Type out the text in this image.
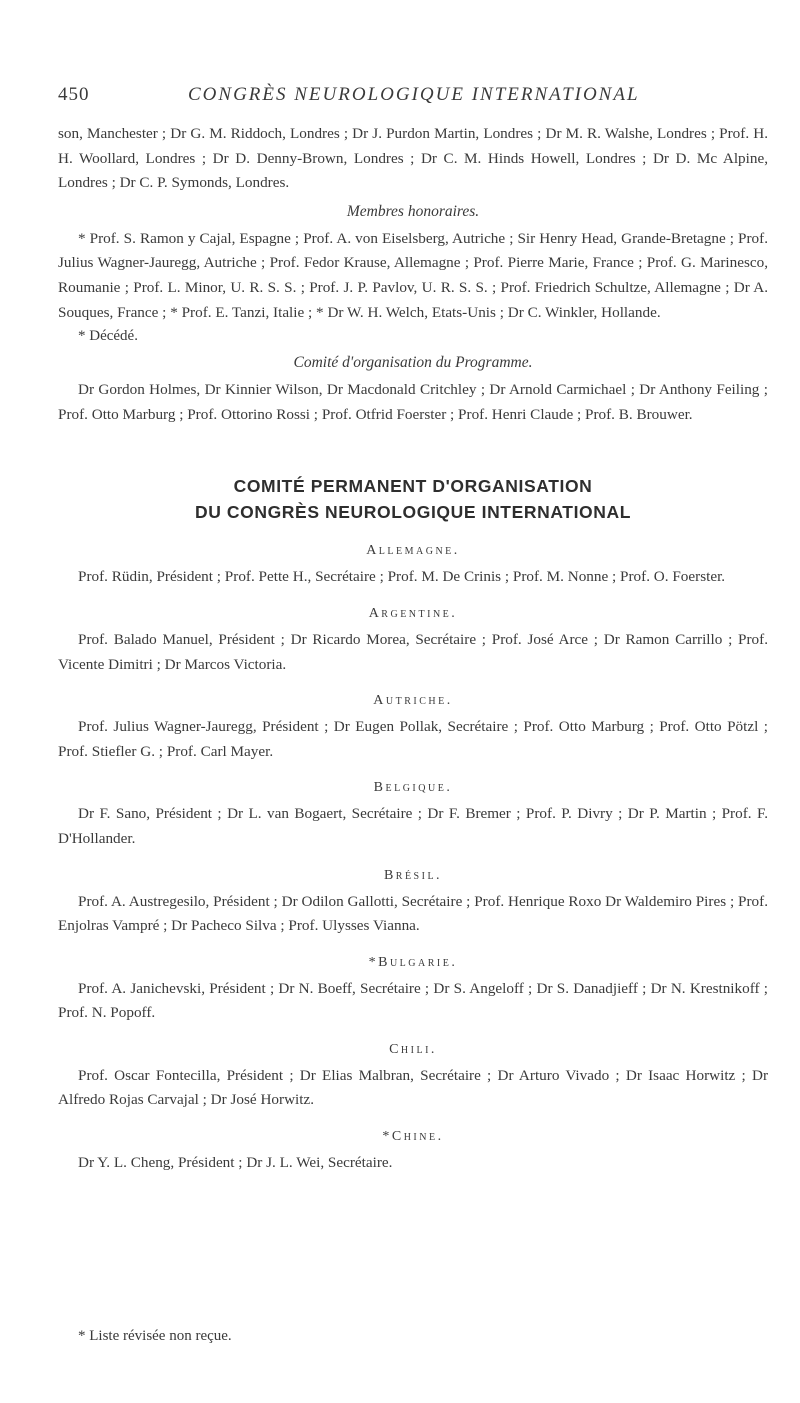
450	CONGRÈS NEUROLOGIQUE INTERNATIONAL

son, Manchester ; Dr G. M. Riddoch, Londres ; Dr J. Purdon Martin, Londres ; Dr M. R. Walshe, Londres ; Prof. H. H. Woollard, Londres ; Dr D. Denny-Brown, Londres ; Dr C. M. Hinds Howell, Londres ; Dr D. Mc Alpine, Londres ; Dr C. P. Symonds, Londres.

Membres honoraires.

* Prof. S. Ramon y Cajal, Espagne ; Prof. A. von Eiselsberg, Autriche ; Sir Henry Head, Grande-Bretagne ; Prof. Julius Wagner-Jauregg, Autriche ; Prof. Fedor Krause, Allemagne ; Prof. Pierre Marie, France ; Prof. G. Marinesco, Roumanie ; Prof. L. Minor, U. R. S. S. ; Prof. J. P. Pavlov, U. R. S. S. ; Prof. Friedrich Schultze, Allemagne ; Dr A. Souques, France ; * Prof. E. Tanzi, Italie ; * Dr W. H. Welch, Etats-Unis ; Dr C. Winkler, Hollande.

* Décédé.
Comité d'organisation du Programme.

Dr Gordon Holmes, Dr Kinnier Wilson, Dr Macdonald Critchley ; Dr Arnold Carmichael ; Dr Anthony Feiling ; Prof. Otto Marburg ; Prof. Ottorino Rossi ; Prof. Otfrid Foerster ; Prof. Henri Claude ; Prof. B. Brouwer.

COMITÉ PERMANENT D'ORGANISATION
DU CONGRÈS NEUROLOGIQUE INTERNATIONAL
Allemagne.

Prof. Rüdin, Président ; Prof. Pette H., Secrétaire ; Prof. M. De Crinis ; Prof. M. Nonne ; Prof. O. Foerster.

Argentine.

Prof. Balado Manuel, Président ; Dr Ricardo Morea, Secrétaire ; Prof. José Arce ; Dr Ramon Carrillo ; Prof. Vicente Dimitri ; Dr Marcos Victoria.

Autriche.

Prof. Julius Wagner-Jauregg, Président ; Dr Eugen Pollak, Secrétaire ; Prof. Otto Marburg ; Prof. Otto Pötzl ; Prof. Stiefler G. ; Prof. Carl Mayer.

Belgique.

Dr F. Sano, Président ; Dr L. van Bogaert, Secrétaire ; Dr F. Bremer ; Prof. P. Divry ; Dr P. Martin ; Prof. F. D'Hollander.

Brésil.

Prof. A. Austregesilo, Président ; Dr Odilon Gallotti, Secrétaire ; Prof. Henrique Roxo Dr Waldemiro Pires ; Prof. Enjolras Vampré ; Dr Pacheco Silva ; Prof. Ulysses Vianna.

*Bulgarie.

Prof. A. Janichevski, Président ; Dr N. Boeff, Secrétaire ; Dr S. Angeloff ; Dr S. Danadjieff ; Dr N. Krestnikoff ; Prof. N. Popoff.

Chili.

Prof. Oscar Fontecilla, Président ; Dr Elias Malbran, Secrétaire ; Dr Arturo Vivado ; Dr Isaac Horwitz ; Dr Alfredo Rojas Carvajal ; Dr José Horwitz.

*Chine.

Dr Y. L. Cheng, Président ; Dr J. L. Wei, Secrétaire.

* Liste révisée non reçue.
